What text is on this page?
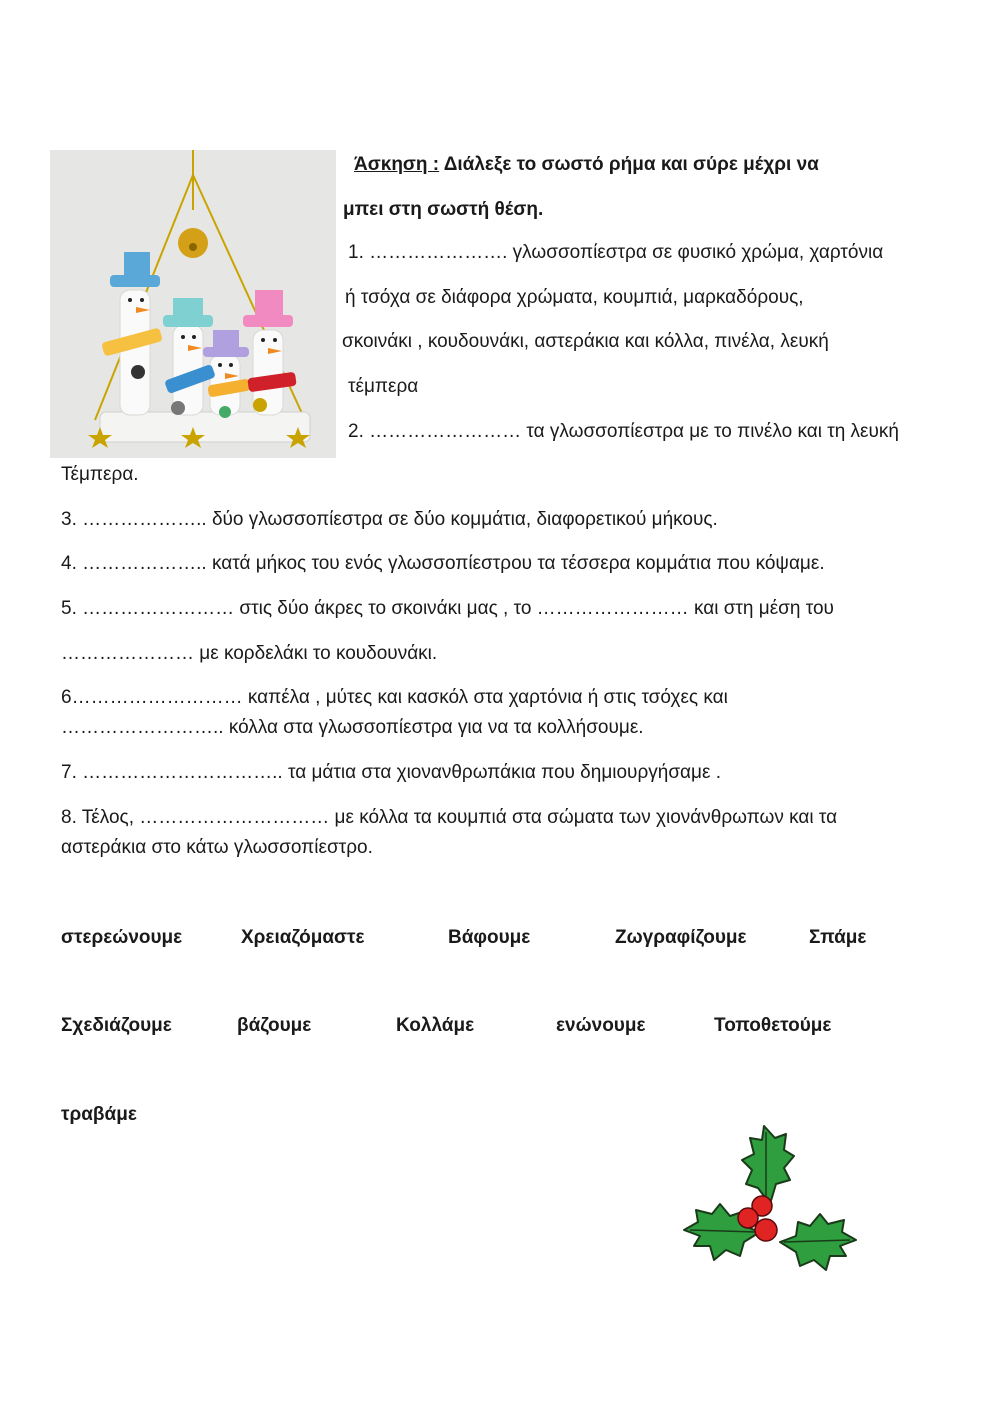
Άσκηση : Διάλεξε το σωστό ρήμα και σύρε μέχρι να
μπει στη σωστή θέση.
1. …………………. γλωσσοπίεστρα σε φυσικό χρώμα, χαρτόνια
ή τσόχα σε διάφορα χρώματα, κουμπιά, μαρκαδόρους,
σκοινάκι , κουδουνάκι, αστεράκια και κόλλα, πινέλα, λευκή
τέμπερα
2. …………………… τα γλωσσοπίεστρα με το πινέλο και τη λευκή
Τέμπερα.
3. ……………….. δύο γλωσσοπίεστρα σε δύο κομμάτια, διαφορετικού μήκους.
4. ……………….. κατά μήκος του ενός γλωσσοπίεστρου τα τέσσερα κομμάτια που κόψαμε.
5. …………………… στις δύο άκρες το σκοινάκι μας , το …………………… και στη μέση του
………………… με κορδελάκι το κουδουνάκι.
6……………………… καπέλα , μύτες και κασκόλ στα χαρτόνια ή στις τσόχες και
…………………….. κόλλα στα γλωσσοπίεστρα για να τα κολλήσουμε.
7. ………………………….. τα μάτια στα χιονανθρωπάκια που δημιουργήσαμε .
8. Τέλος, ………………………… με κόλλα τα κουμπιά στα σώματα των χιονάνθρωπων και τα
αστεράκια στο κάτω γλωσσοπίεστρο.
στερεώνουμε	Χρειαζόμαστε	Βάφουμε	Ζωγραφίζουμε	Σπάμε
Σχεδιάζουμε	βάζουμε	Κολλάμε	ενώνουμε	Τοποθετούμε
τραβάμε
